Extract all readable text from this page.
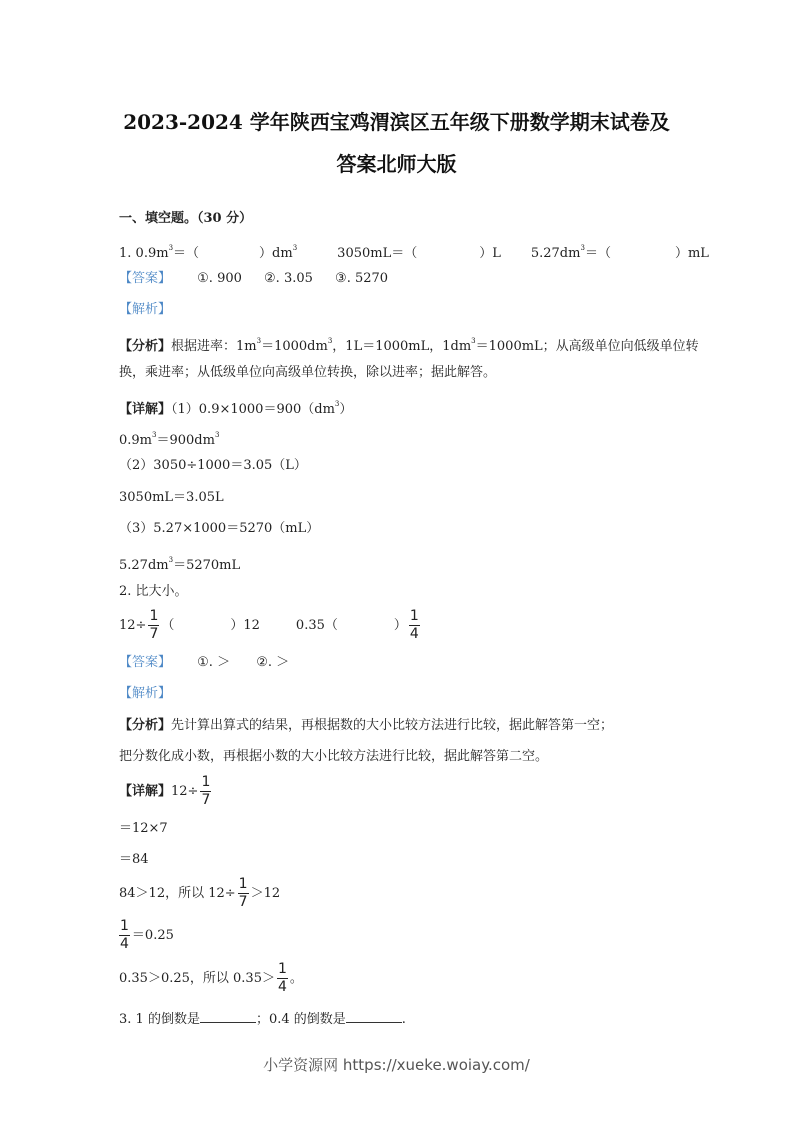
2023-2024 学年陕西宝鸡渭滨区五年级下册数学期末试卷及
答案北师大版
一、填空题。（30 分）
1. $0.9m^3=$（	）$dm^3$	3050mL＝（	）L $5.27dm^3=$（	）mL
【答案】 ①. 900 ②. 3.05 ③. 5270
【解析】
【分析】根据进率：$1m^3=1000dm^3$，1L＝1000mL，$1dm^3=1000mL$；从高级单位向低级单位转
换，乘进率；从低级单位向高级单位转换，除以进率；据此解答。
【详解】$(1)0.9\times 1000=900(dm^3)$
$0.9m^3=900dm^3$
（2）3050÷1000＝3.05（L）
3050mL＝3.05L
（3）5.27×1000＝5270（mL）
$5.27dm^3=5270mL$
2. 比大小。
$12\div \frac{1}{7}$ （	）12	0.35（	） $\frac{1}{4}$
【答案】 ①. ＞ ②. ＞
【解析】
【分析】先计算出算式的结果，再根据数的大小比较方法进行比较，据此解答第一空；
把分数化成小数，再根据小数的大小比较方法进行比较，据此解答第二空。
【详解】$12\div \frac{1}{7}$
＝12×7
＝84
84＞12，所以 $12\div \frac{1}{7} >12$
$\frac{1}{4} =0.25$
0.35＞0.25，所以 $0.35> \frac{1}{4}$ 。
3. 1 的倒数是	；0.4 的倒数是	.
小学资源网 https://xueke.woiay.com/
